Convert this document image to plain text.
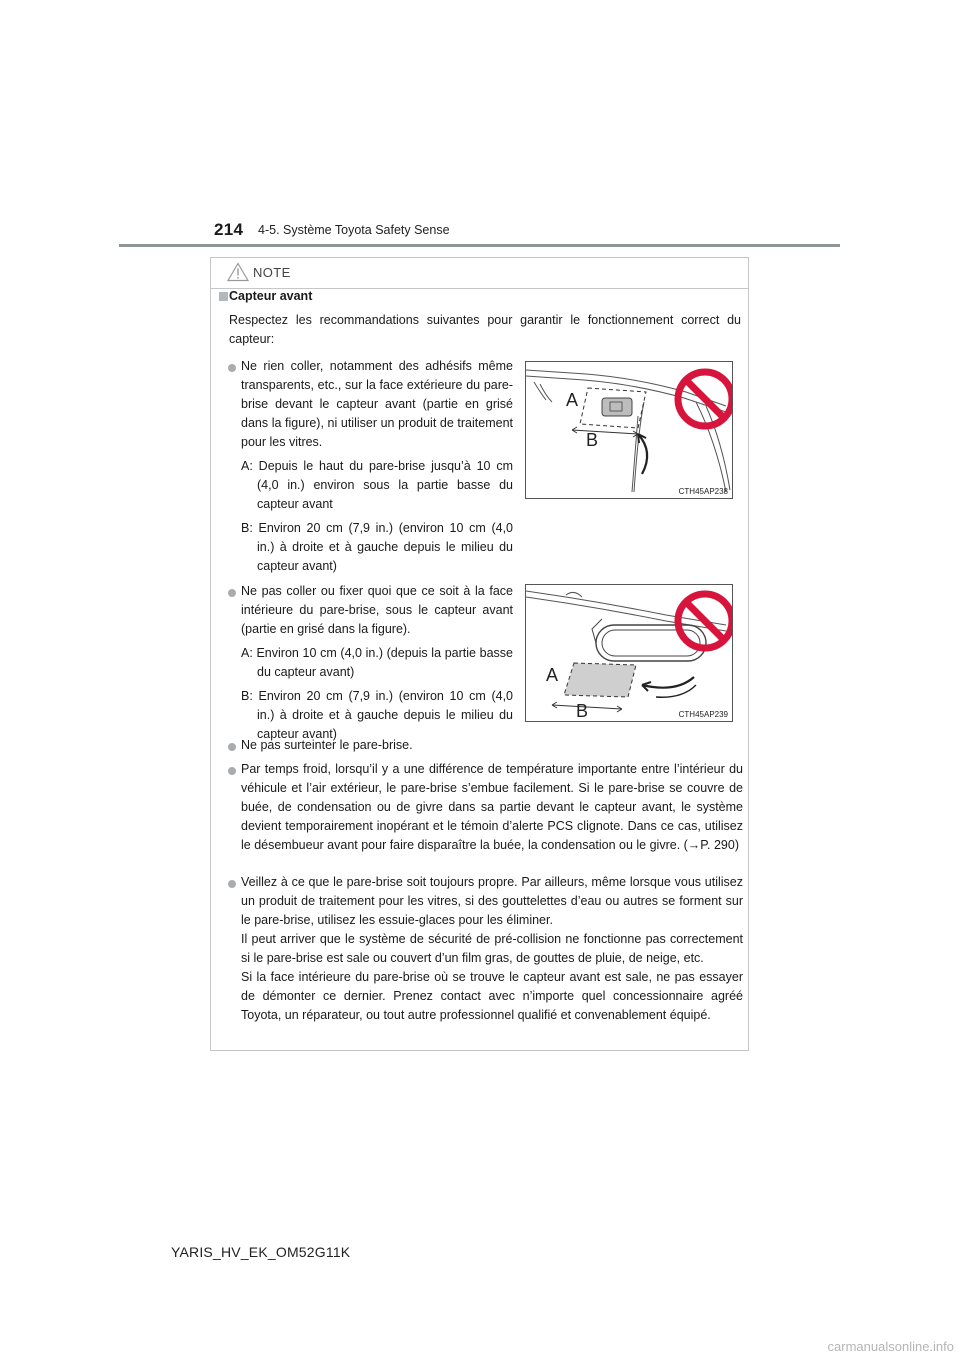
214 4-5. Système Toyota Safety Sense
NOTE
Capteur avant
Respectez les recommandations suivantes pour garantir le fonctionnement correct du capteur:
Ne rien coller, notamment des adhésifs même transparents, etc., sur la face extérieure du pare-brise devant le capteur avant (partie en grisé dans la figure), ni utiliser un produit de traitement pour les vitres.
A: Depuis le haut du pare-brise jusqu’à 10 cm (4,0 in.) environ sous la partie basse du capteur avant
B: Environ 20 cm (7,9 in.) (environ 10 cm (4,0 in.) à droite et à gauche depuis le milieu du capteur avant)
A
B
CTH45AP238
Ne pas coller ou fixer quoi que ce soit à la face intérieure du pare-brise, sous le capteur avant (partie en grisé dans la figure).
A: Environ 10 cm (4,0 in.) (depuis la partie basse du capteur avant)
B: Environ 20 cm (7,9 in.) (environ 10 cm (4,0 in.) à droite et à gauche depuis le milieu du capteur avant)
A
B	CTH45AP239
Ne pas surteinter le pare-brise.
Par temps froid, lorsqu’il y a une différence de température importante entre l’intérieur du véhicule et l’air extérieur, le pare-brise s’embue facilement. Si le pare-brise se couvre de buée, de condensation ou de givre dans sa partie devant le capteur avant, le système devient temporairement inopérant et le témoin d’alerte PCS clignote. Dans ce cas, utilisez le désembueur avant pour faire disparaître la buée, la condensation ou le givre. (→P. 290)
Veillez à ce que le pare-brise soit toujours propre. Par ailleurs, même lorsque vous utilisez un produit de traitement pour les vitres, si des gouttelettes d’eau ou autres se forment sur le pare-brise, utilisez les essuie-glaces pour les éliminer.
Il peut arriver que le système de sécurité de pré-collision ne fonctionne pas correctement si le pare-brise est sale ou couvert d’un film gras, de gouttes de pluie, de neige, etc.
Si la face intérieure du pare-brise où se trouve le capteur avant est sale, ne pas essayer de démonter ce dernier. Prenez contact avec n’importe quel concessionnaire agréé Toyota, un réparateur, ou tout autre professionnel qualifié et convenablement équipé.
YARIS_HV_EK_OM52G11K
carmanualsonline.info
